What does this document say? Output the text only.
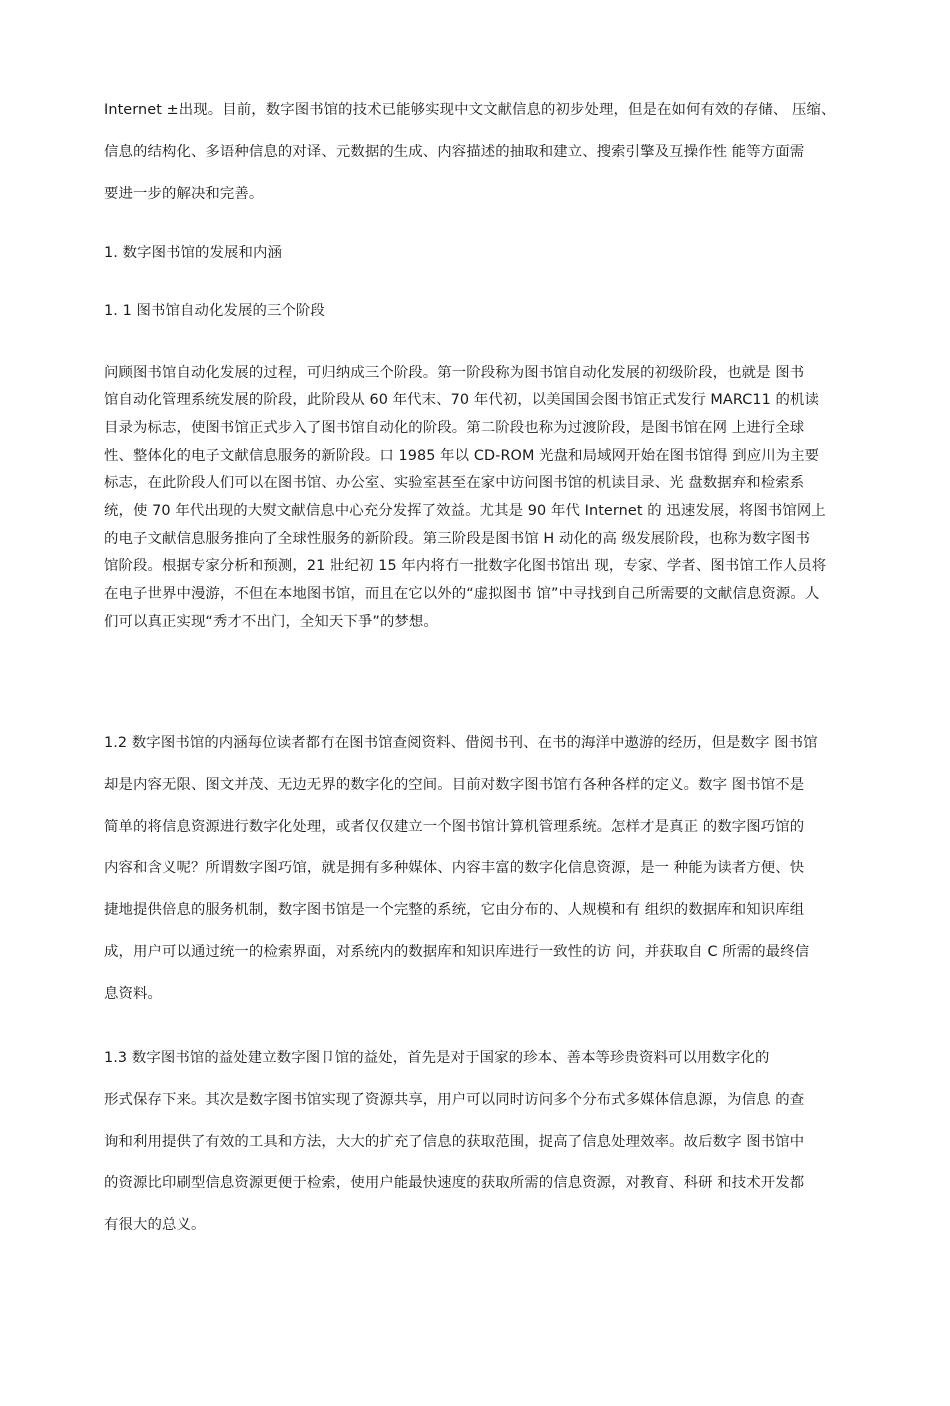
Internet ±出现。目前，数字图书馆的技术已能够实现中文文献信息的初步处理，但是在如何有效的存储、 压缩、

信息的结构化、多语种信息的对译、元数据的生成、内容描述的抽取和建立、搜索引擎及互操作性 能等方面需

要进一步的解决和完善。

1. 数字图书馆的发展和内涵

1. 1 图书馆自动化发展的三个阶段

问顾图书馆自动化发展的过程，可归纳成三个阶段。第一阶段称为图书馆自动化发展的初级阶段，也就是 图书

馆自动化管理系统发展的阶段，此阶段从 60 年代末、70 年代初，以美国国会图书馆正式发行 MARC11 的机读

目录为标志，使图书馆正式步入了图书馆自动化的阶段。第二阶段也称为过渡阶段，是图书馆在网 上进行全球

性、整体化的电子文献信息服务的新阶段。口 1985 年以 CD-ROM 光盘和局域网开始在图书馆得 到应川为主要

标志，在此阶段人们可以在图书馆、办公室、实验室甚至在家中访问图书馆的机读目录、光 盘数据弃和检索系

统，使 70 年代出现的大熨文献信息中心充分发挥了效益。尤其是 90 年代 Internet 的 迅速发展，将图书馆网上

的电子文献信息服务推向了全球性服务的新阶段。第三阶段是图书馆 H 动化的高 级发展阶段，也称为数字图书

馆阶段。根据专家分析和预测，21 壯纪初 15 年内将冇一批数字化图书馆出 现，专家、学者、图书馆工作人员将

在电子世界中漫游，不但在本地图书馆，而且在它以外的“虚拟图书 馆”中寻找到自己所需要的文献信息资源。人

们可以真正实现“秀才不出门，全知天下爭”的梦想。

1.2 数字图书馆的内涵每位读者都冇在图书馆查阅资料、借阅书刊、在书的海洋中遨游的经历，但是数字 图书馆

却是内容无限、图文并茂、无边无界的数字化的空间。目前对数字图书馆冇各种各样的定义。数字 图书馆不是

简单的将信息资源进行数字化处理，或者仅仅建立一个图书馆计算机管理系统。怎样才是真正 的数字图巧馆的

内容和含义呢？所谓数字图巧馆，就是拥有多种媒体、内容丰富的数字化信息资源，是一 种能为读者方便、快

捷地提供倍息的服务机制，数字图书馆是一个完整的系统，它由分布的、人规模和有 组织的数据库和知识库组

成，用户可以通过统一的检索界面，对系统内的数据库和知识库进行一致性的访 问，并获取自 C 所需的最终信

息资料。

1.3 数字图书馆的益处建立数字图卩馆的益处，首先是对于国家的珍本、善本等珍贵资料可以用数字化的

形式保存下来。其次是数字图书馆实现了资源共享，用户可以同时访问多个分布式多媒体信息源，为信息 的查

询和利用提供了有效的工具和方法，大大的扩充了信息的获取范围，捉高了信息处理效率。故后数字 图书馆中

的资源比印刷型信息资源更便于检索，使用户能最快速度的获取所需的信息资源，对教育、科研 和技术开发都

有很大的总义。
